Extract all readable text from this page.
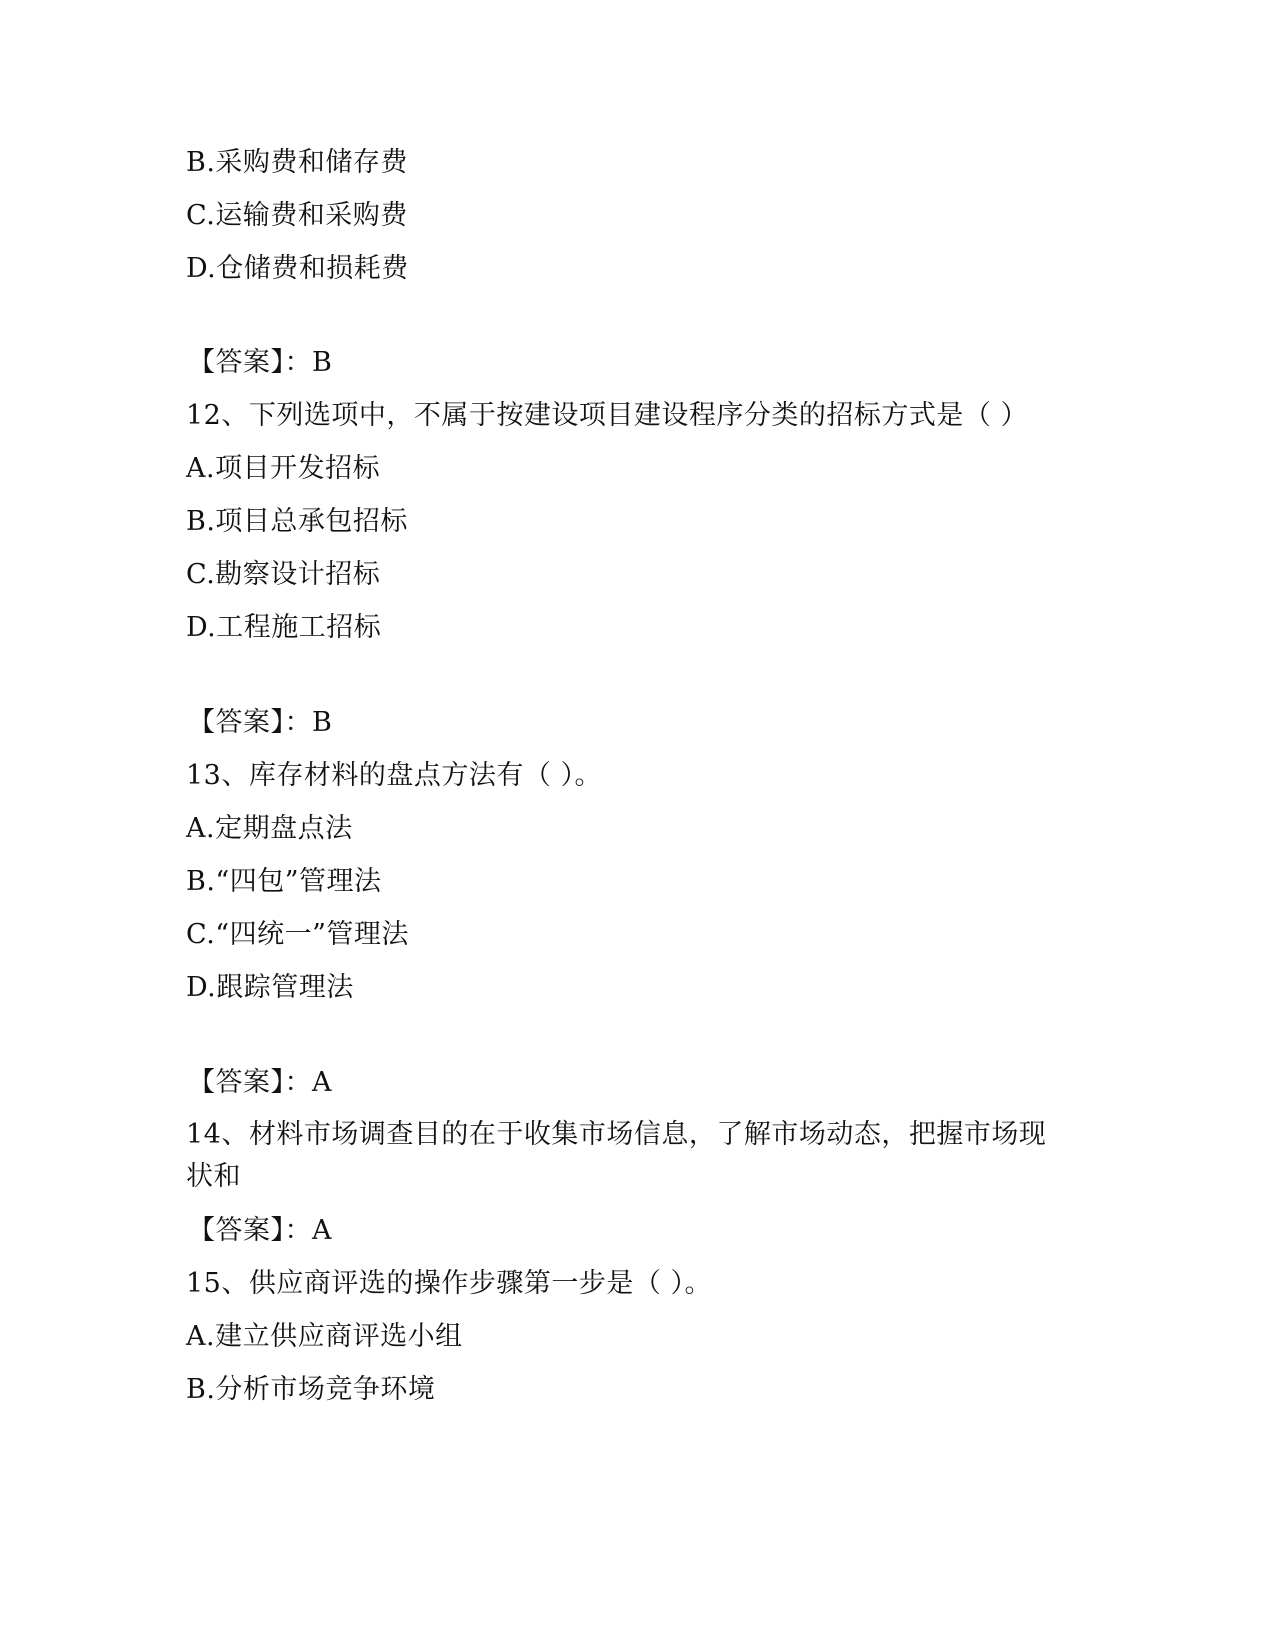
B.采购费和储存费
C.运输费和采购费
D.仓储费和损耗费
【答案】：B
12、下列选项中，不属于按建设项目建设程序分类的招标方式是（ ）
A.项目开发招标
B.项目总承包招标
C.勘察设计招标
D.工程施工招标
【答案】：B
13、库存材料的盘点方法有（ ）。
A.定期盘点法
B.“四包”管理法
C.“四统一”管理法
D.跟踪管理法
【答案】：A
14、材料市场调查目的在于收集市场信息，了解市场动态，把握市场现状和
【答案】：A
15、供应商评选的操作步骤第一步是（ ）。
A.建立供应商评选小组
B.分析市场竞争环境
